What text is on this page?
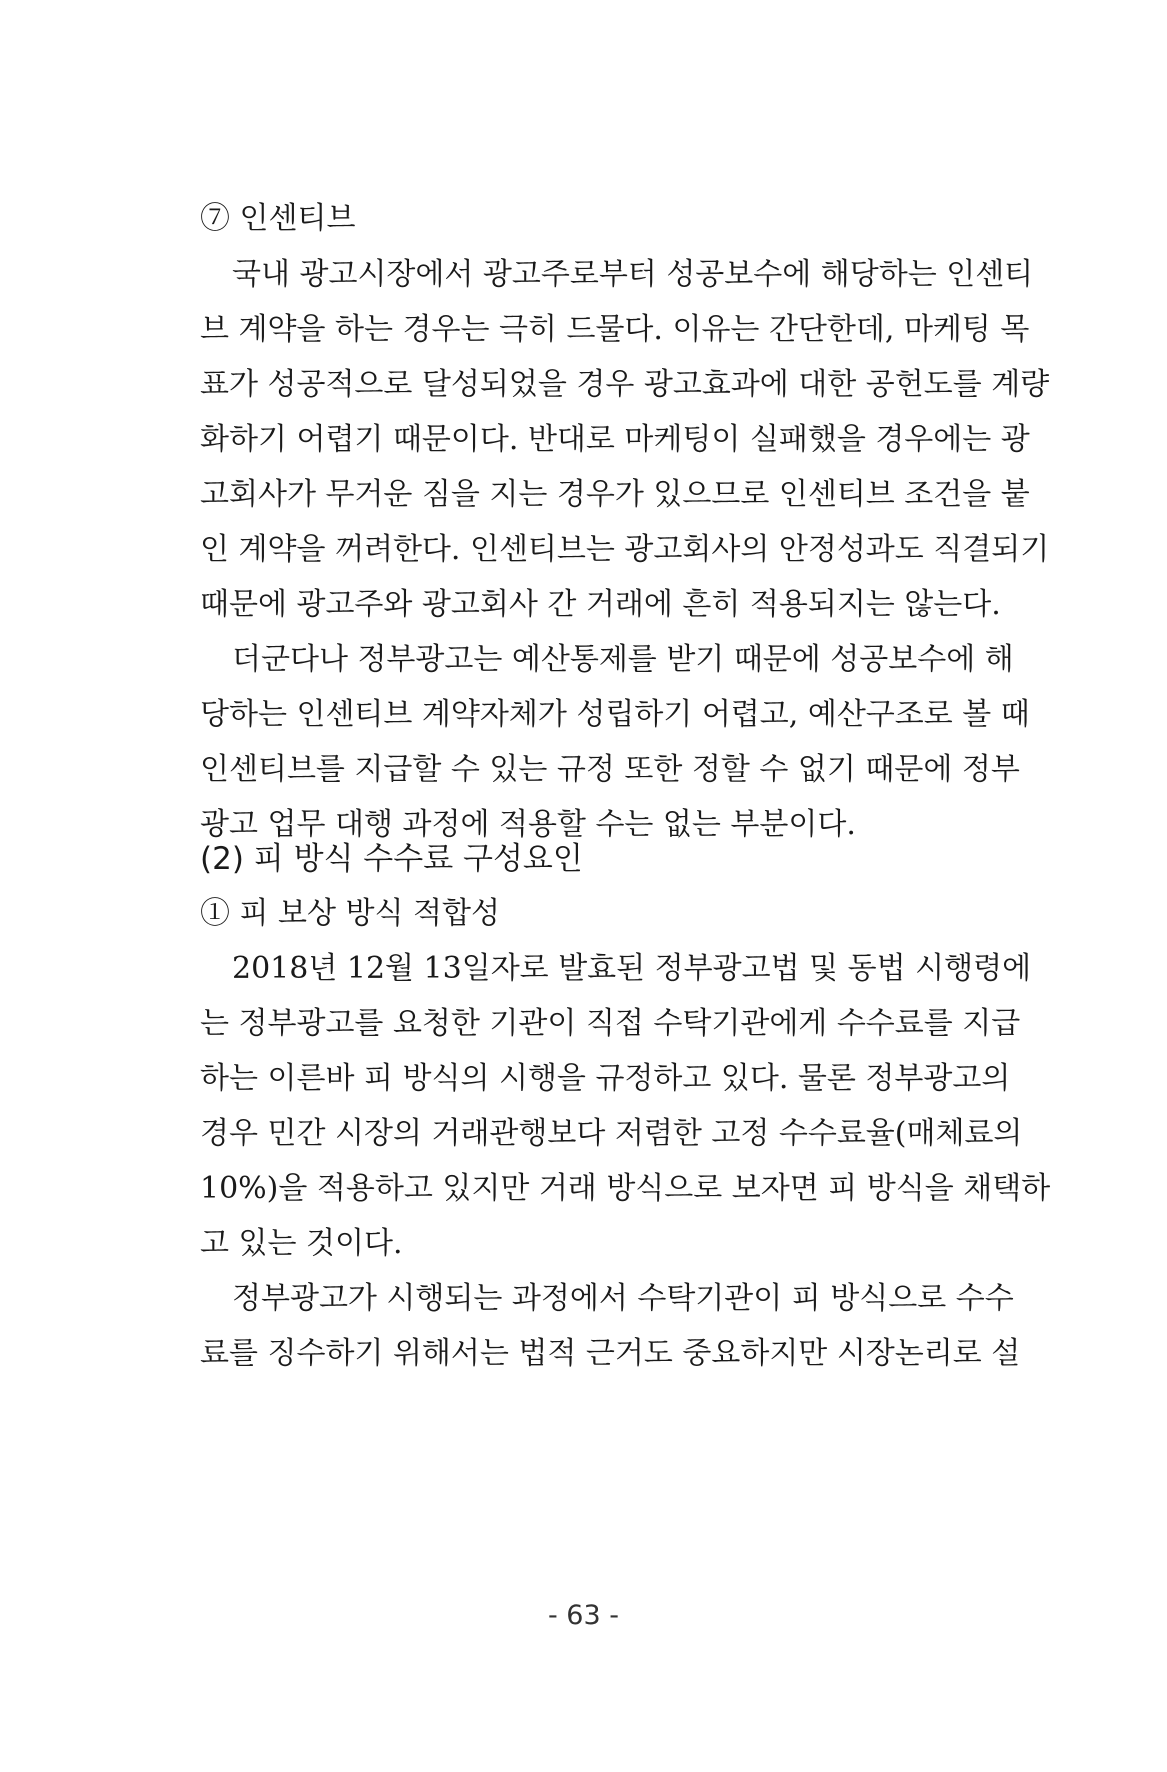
⑦ 인센티브
국내 광고시장에서 광고주로부터 성공보수에 해당하는 인센티
브 계약을 하는 경우는 극히 드물다. 이유는 간단한데, 마케팅 목
표가 성공적으로 달성되었을 경우 광고효과에 대한 공헌도를 계량
화하기 어렵기 때문이다. 반대로 마케팅이 실패했을 경우에는 광
고회사가 무거운 짐을 지는 경우가 있으므로 인센티브 조건을 붙
인 계약을 꺼려한다. 인센티브는 광고회사의 안정성과도 직결되기
때문에 광고주와 광고회사 간 거래에 흔히 적용되지는 않는다.
더군다나 정부광고는 예산통제를 받기 때문에 성공보수에 해
당하는 인센티브 계약자체가 성립하기 어렵고, 예산구조로 볼 때
인센티브를 지급할 수 있는 규정 또한 정할 수 없기 때문에 정부
광고 업무 대행 과정에 적용할 수는 없는 부분이다.
(2) 피 방식 수수료 구성요인
① 피 보상 방식 적합성
2018년 12월 13일자로 발효된 정부광고법 및 동법 시행령에
는 정부광고를 요청한 기관이 직접 수탁기관에게 수수료를 지급
하는 이른바 피 방식의 시행을 규정하고 있다. 물론 정부광고의
경우 민간 시장의 거래관행보다 저렴한 고정 수수료율(매체료의
10%)을 적용하고 있지만 거래 방식으로 보자면 피 방식을 채택하
고 있는 것이다.
정부광고가 시행되는 과정에서 수탁기관이 피 방식으로 수수
료를 징수하기 위해서는 법적 근거도 중요하지만 시장논리로 설
- 63 -
